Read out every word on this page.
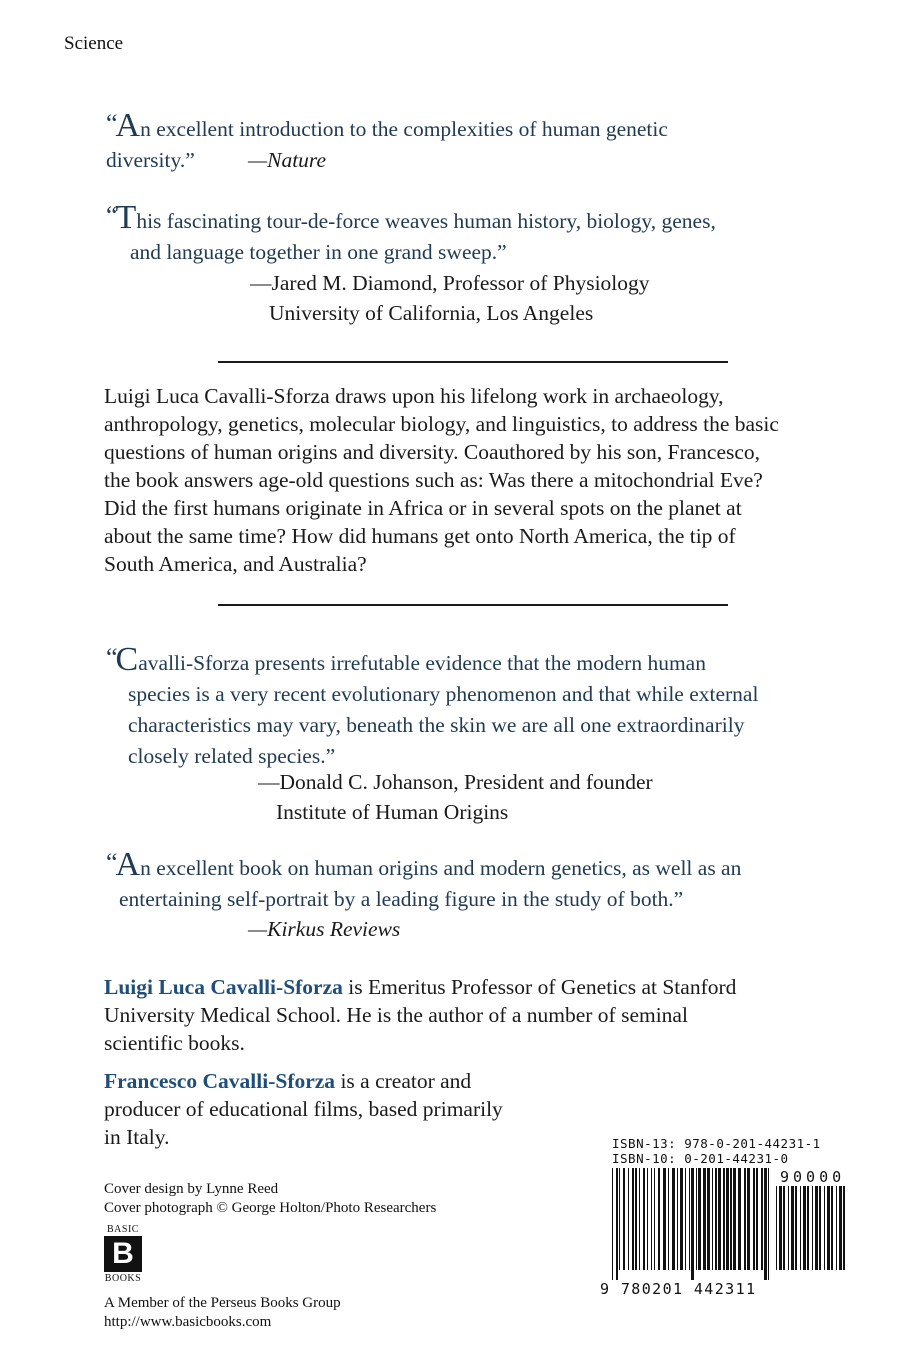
Science
“An excellent introduction to the complexities of human genetic
diversity.”	—Nature
“This fascinating tour-de-force weaves human history, biology, genes,
and language together in one grand sweep.”
—Jared M. Diamond, Professor of Physiology
University of California, Los Angeles
Luigi Luca Cavalli-Sforza draws upon his lifelong work in archaeology,
anthropology, genetics, molecular biology, and linguistics, to address the basic
questions of human origins and diversity. Coauthored by his son, Francesco,
the book answers age-old questions such as: Was there a mitochondrial Eve?
Did the first humans originate in Africa or in several spots on the planet at
about the same time? How did humans get onto North America, the tip of
South America, and Australia?
“Cavalli-Sforza presents irrefutable evidence that the modern human
species is a very recent evolutionary phenomenon and that while external
characteristics may vary, beneath the skin we are all one extraordinarily
closely related species.”
—Donald C. Johanson, President and founder
Institute of Human Origins
“An excellent book on human origins and modern genetics, as well as an
entertaining self-portrait by a leading figure in the study of both.”
—Kirkus Reviews
Luigi Luca Cavalli-Sforza is Emeritus Professor of Genetics at Stanford
University Medical School. He is the author of a number of seminal
scientific books.
Francesco Cavalli-Sforza is a creator and
producer of educational films, based primarily
in Italy.
Cover design by Lynne Reed
Cover photograph © George Holton/Photo Researchers
BASIC
B
BOOKS
A Member of the Perseus Books Group
http://www.basicbooks.com
ISBN-13: 978-0-201-44231-1
ISBN-10: 0-201-44231-0
90000
9 780201 442311
